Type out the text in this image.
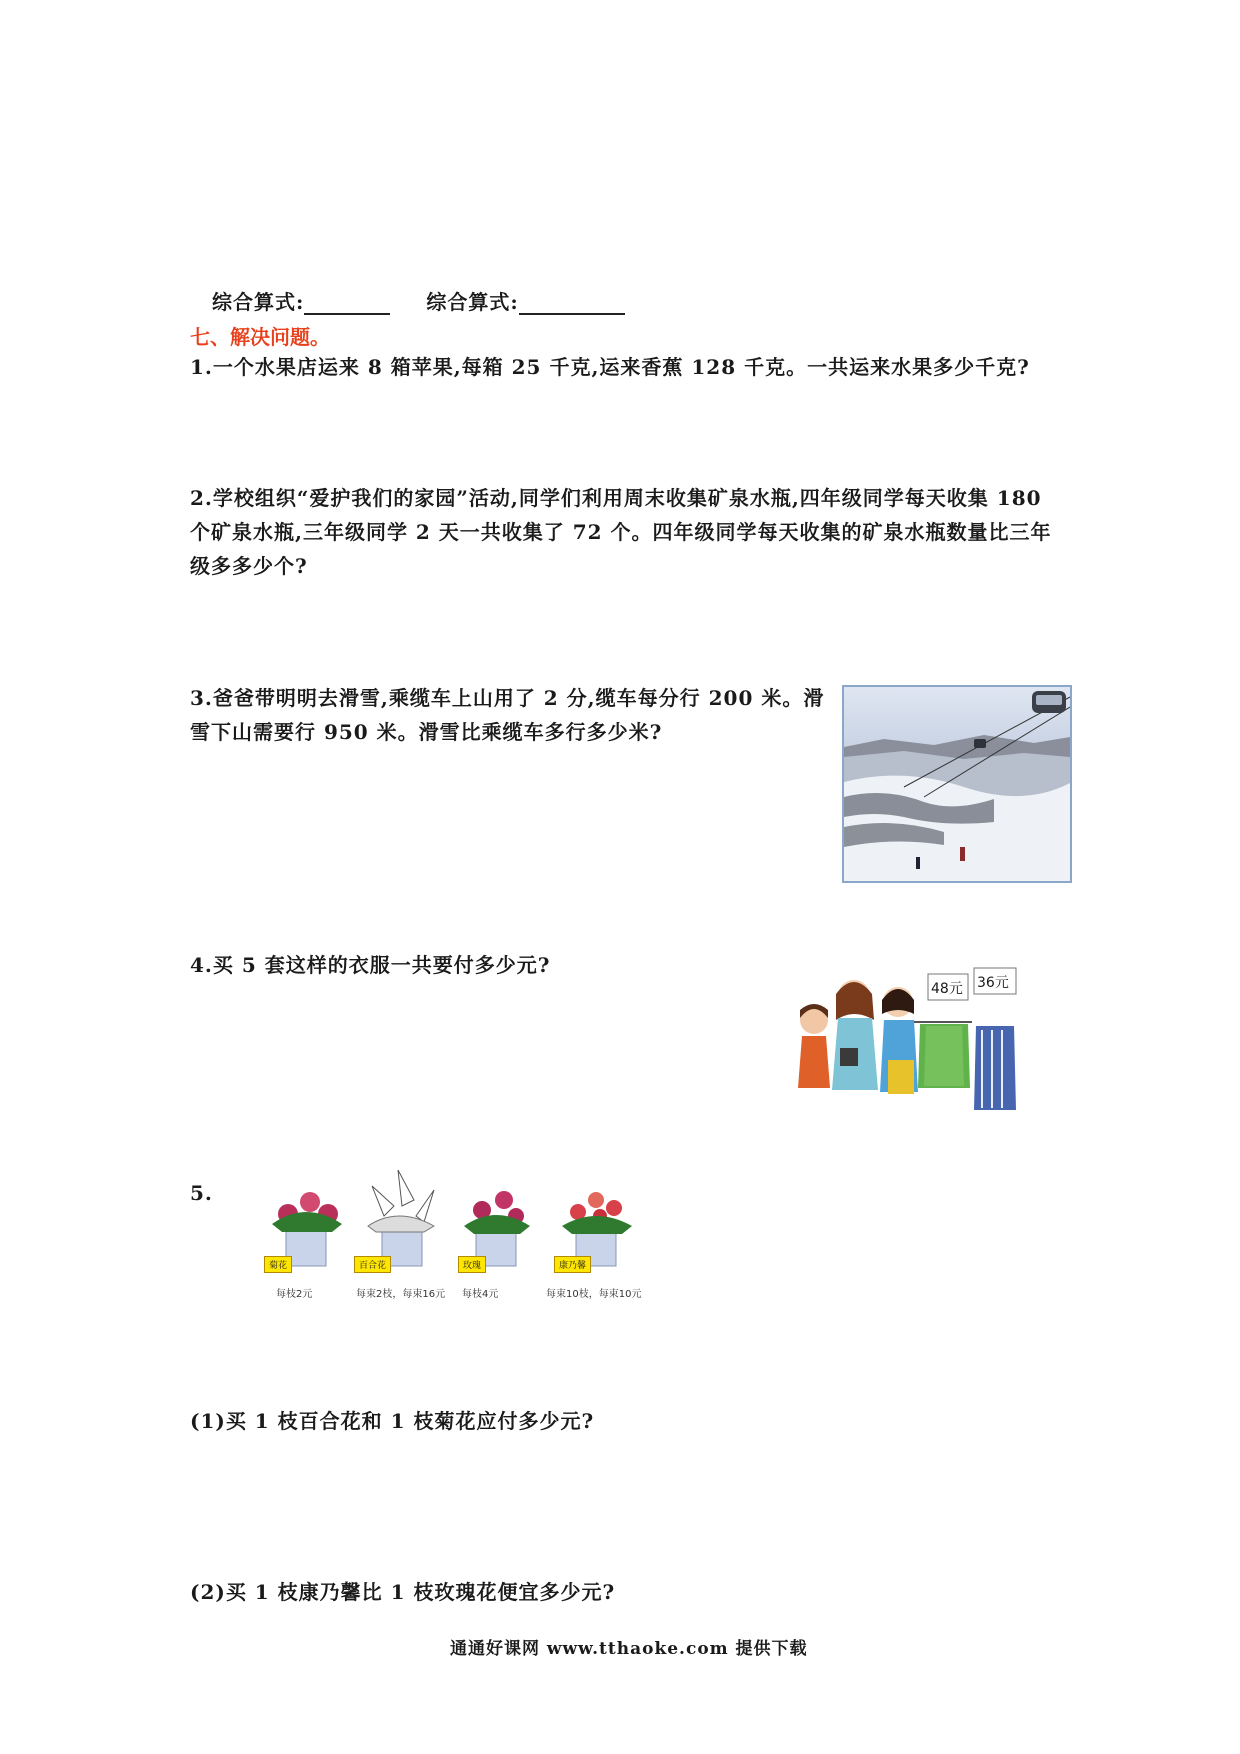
综合算式:	综合算式:
七、解决问题。
1.一个水果店运来 8 箱苹果,每箱 25 千克,运来香蕉 128 千克。一共运来水果多少千克?
2.学校组织“爱护我们的家园”活动,同学们利用周末收集矿泉水瓶,四年级同学每天收集 180 个矿泉水瓶,三年级同学 2 天一共收集了 72 个。四年级同学每天收集的矿泉水瓶数量比三年级多多少个?
3.爸爸带明明去滑雪,乘缆车上山用了 2 分,缆车每分行 200 米。滑雪下山需要行 950 米。滑雪比乘缆车多行多少米?
4.买 5 套这样的衣服一共要付多少元?
48元 36元
5.
菊花	百合花	玫瑰	康乃馨
每枝2元	每束2枝，每束16元 每枝4元	每束10枝，每束10元
(1)买 1 枝百合花和 1 枝菊花应付多少元?
(2)买 1 枝康乃馨比 1 枝玫瑰花便宜多少元?
通通好课网 www.tthaoke.com 提供下载
